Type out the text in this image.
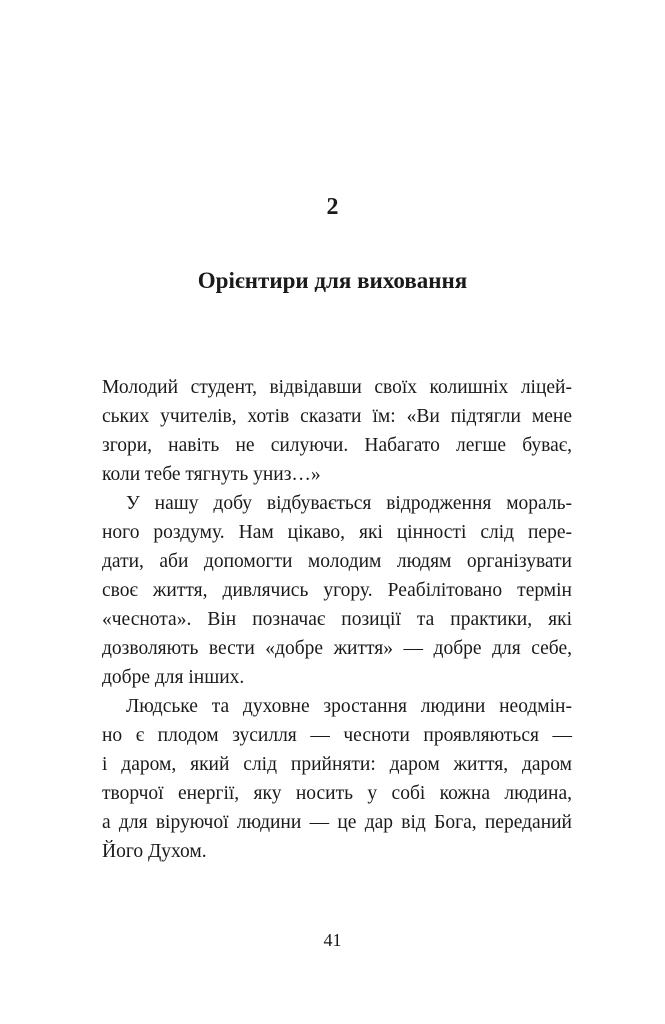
2
Орієнтири для виховання
Молодий студент, відвідавши своїх колишніх ліцей-
ських учителів, хотів сказати їм: «Ви підтягли мене
згори, навіть не силуючи. Набагато легше буває,
коли тебе тягнуть униз…»
У нашу добу відбувається відродження мораль-
ного роздуму. Нам цікаво, які цінності слід пере-
дати, аби допомогти молодим людям організувати
своє життя, дивлячись угору. Реабілітовано термін
«чеснота». Він позначає позиції та практики, які
дозволяють вести «добре життя» — добре для себе,
добре для інших.
Людське та духовне зростання людини неодмін-
но є плодом зусилля — чесноти проявляються —
і даром, який слід прийняти: даром життя, даром
творчої енергії, яку носить у собі кожна людина,
а для віруючої людини — це дар від Бога, переданий
Його Духом.
41
